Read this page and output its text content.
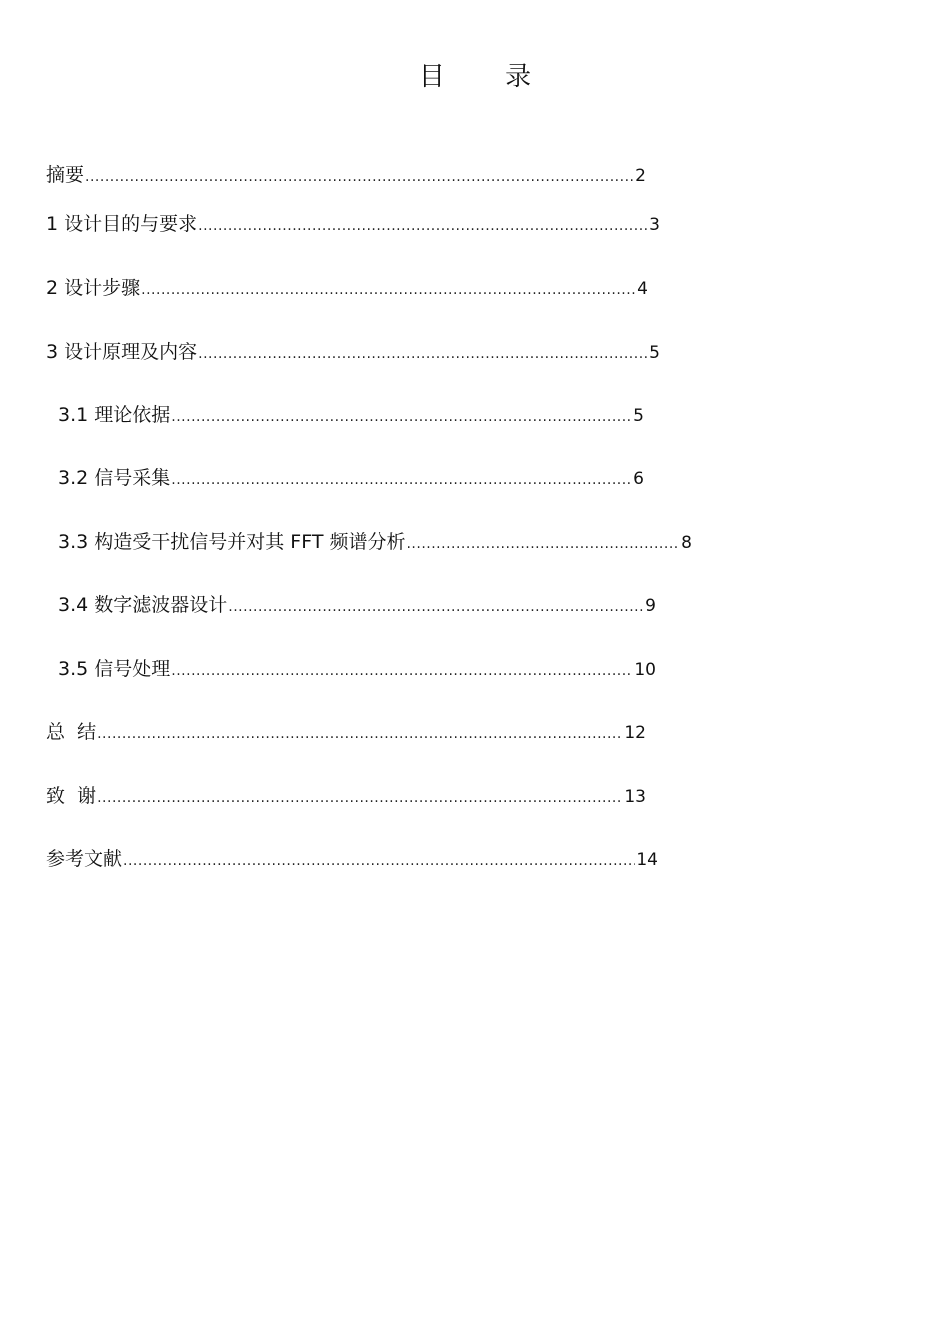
目 录
摘要 .....	2
1 设计目的与要求 .....	3
2 设计步骤 .....	4
3 设计原理及内容 .....	5
3.1 理论依据 .....	5
3.2 信号采集 .....	6
3.3 构造受干扰信号并对其 FFT 频谱分析 .....	8
3.4 数字滤波器设计 .....	9
3.5 信号处理 .....	10
总  结 .....	12
致  谢 .....	13
参考文献 .....	14
